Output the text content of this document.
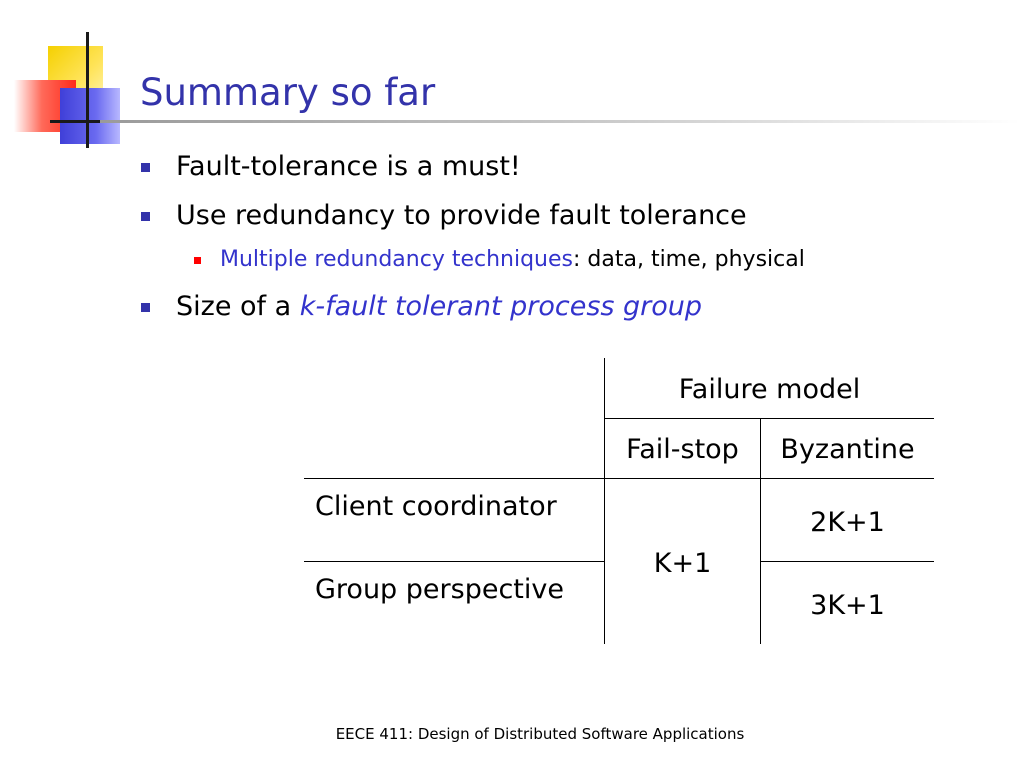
Summary so far
Fault-tolerance is a must!
Use redundancy to provide fault tolerance
Multiple redundancy techniques: data, time, physical
Size of a k-fault tolerant process group
Failure model
Fail-stop	Byzantine
Client coordinator
Group perspective
K+1
2K+1
3K+1
EECE 411: Design of Distributed Software Applications
